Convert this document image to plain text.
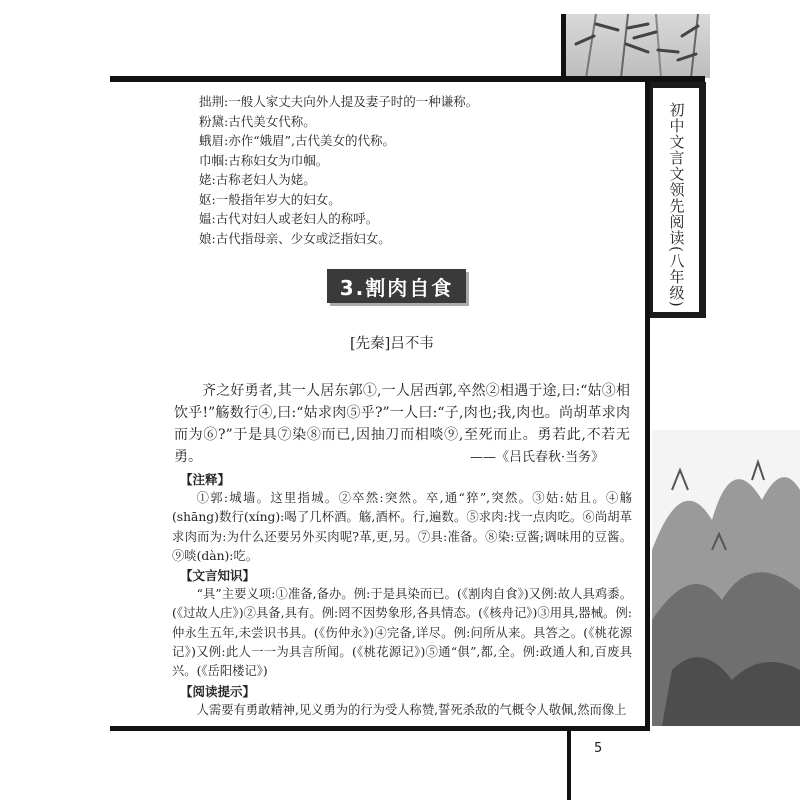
初中文言文领先阅读(八年级)
拙荆:一般人家丈夫向外人提及妻子时的一种谦称。
粉黛:古代美女代称。
蛾眉:亦作“娥眉”,古代美女的代称。
巾帼:古称妇女为巾帼。
姥:古称老妇人为姥。
妪:一般指年岁大的妇女。
媪:古代对妇人或老妇人的称呼。
娘:古代指母亲、少女或泛指妇女。
3.割肉自食
[先秦]吕不韦

齐之好勇者,其一人居东郭①,一人居西郭,卒然②相遇于途,曰:“姑③相饮乎!”觞数行④,曰:“姑求肉⑤乎?”一人曰:“子,肉也;我,肉也。尚胡革求肉而为⑥?”于是具⑦染⑧而已,因抽刀而相啖⑨,至死而止。勇若此,不若无勇。	——《吕氏春秋·当务》
【注释】

①郭:城墙。这里指城。②卒然:突然。卒,通“猝”,突然。③姑:姑且。④觞(shāng)数行(xíng):喝了几杯酒。觞,酒杯。行,遍数。⑤求肉:找一点肉吃。⑥尚胡革求肉而为:为什么还要另外买肉呢?革,更,另。⑦具:准备。⑧染:豆酱;调味用的豆酱。⑨啖(dàn):吃。

【文言知识】

“具”主要义项:①准备,备办。例:于是具染而已。(《割肉自食》)又例:故人具鸡黍。(《过故人庄》)②具备,具有。例:罔不因势象形,各具情态。(《核舟记》)③用具,器械。例:仲永生五年,未尝识书具。(《伤仲永》)④完备,详尽。例:问所从来。具答之。(《桃花源记》)又例:此人一一为具言所闻。(《桃花源记》)⑤通“俱”,都,全。例:政通人和,百废具兴。(《岳阳楼记》)

【阅读提示】

人需要有勇敢精神,见义勇为的行为受人称赞,誓死杀敌的气概令人敬佩,然而像上

5
